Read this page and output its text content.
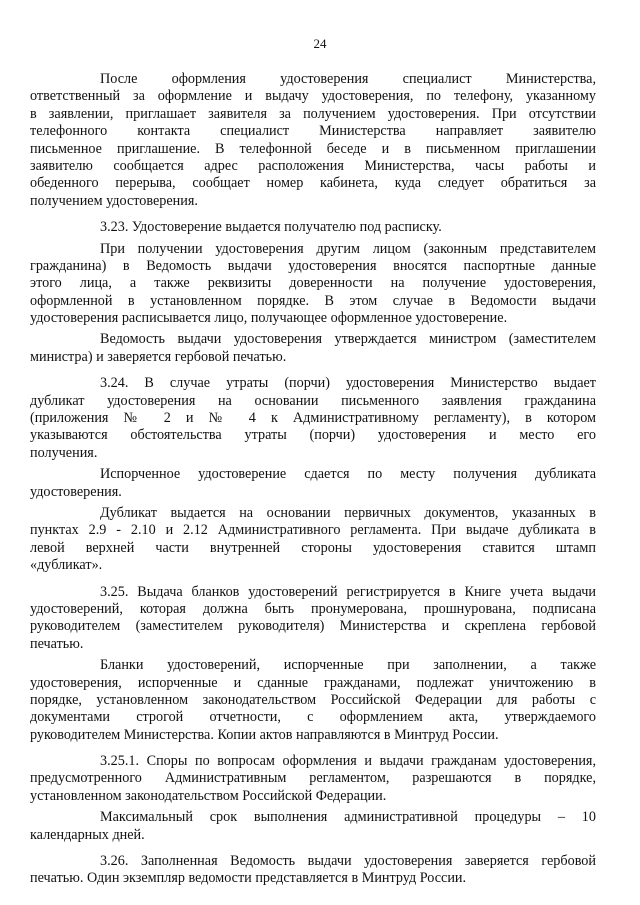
24

После оформления удостоверения специалист Министерства,
ответственный за оформление и выдачу удостоверения, по телефону, указанному
в заявлении, приглашает заявителя за получением удостоверения. При отсутствии
телефонного контакта специалист Министерства направляет заявителю
письменное приглашение. В телефонной беседе и в письменном приглашении
заявителю сообщается адрес расположения Министерства, часы работы и
обеденного перерыва, сообщает номер кабинета, куда следует обратиться за
получением удостоверения.

3.23. Удостоверение выдается получателю под расписку.

При получении удостоверения другим лицом (законным представителем
гражданина) в Ведомость выдачи удостоверения вносятся паспортные данные
этого лица, а также реквизиты доверенности на получение удостоверения,
оформленной в установленном порядке. В этом случае в Ведомости выдачи
удостоверения расписывается лицо, получающее оформленное удостоверение.

Ведомость выдачи удостоверения утверждается министром (заместителем
министра) и заверяется гербовой печатью.

3.24. В случае утраты (порчи) удостоверения Министерство выдает
дубликат удостоверения на основании письменного заявления гражданина
(приложения № 2 и № 4 к Административному регламенту), в котором
указываются обстоятельства утраты (порчи) удостоверения и место его
получения.

Испорченное удостоверение сдается по месту получения дубликата
удостоверения.

Дубликат выдается на основании первичных документов, указанных в
пунктах 2.9 - 2.10 и 2.12 Административного регламента. При выдаче дубликата в
левой верхней части внутренней стороны удостоверения ставится штамп
«дубликат».

3.25. Выдача бланков удостоверений регистрируется в Книге учета выдачи
удостоверений, которая должна быть пронумерована, прошнурована, подписана
руководителем (заместителем руководителя) Министерства и скреплена гербовой
печатью.

Бланки удостоверений, испорченные при заполнении, а также
удостоверения, испорченные и сданные гражданами, подлежат уничтожению в
порядке, установленном законодательством Российской Федерации для работы с
документами строгой отчетности, с оформлением акта, утверждаемого
руководителем Министерства. Копии актов направляются в Минтруд России.

3.25.1. Споры по вопросам оформления и выдачи гражданам удостоверения,
предусмотренного Административным регламентом, разрешаются в порядке,
установленном законодательством Российской Федерации.

Максимальный срок выполнения административной процедуры – 10
календарных дней.

3.26. Заполненная Ведомость выдачи удостоверения заверяется гербовой
печатью. Один экземпляр ведомости представляется в Минтруд России.
